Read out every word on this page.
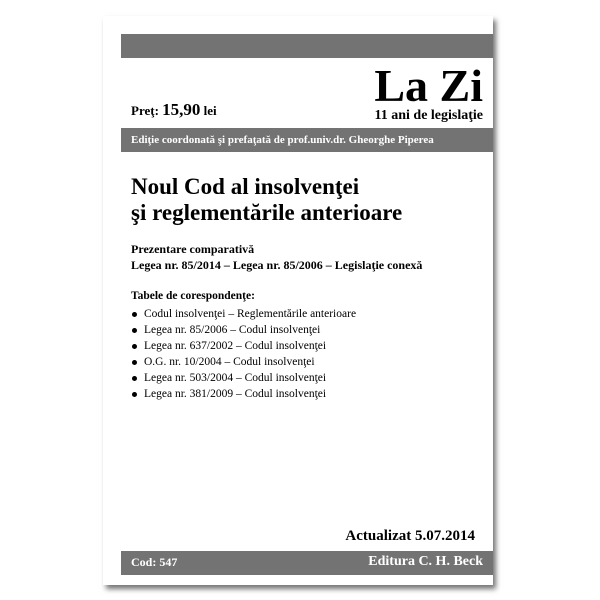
Preţ: 15,90 lei	La Zi
11 ani de legislaţie
Ediţie coordonată şi prefaţată de prof.univ.dr. Gheorghe Piperea
Noul Cod al insolvenţei
şi reglementările anterioare
Prezentare comparativă
Legea nr. 85/2014 – Legea nr. 85/2006 – Legislaţie conexă
Tabele de corespondenţe:
Codul insolvenţei – Reglementările anterioare
Legea nr. 85/2006 – Codul insolvenţei
Legea nr. 637/2002 – Codul insolvenţei
O.G. nr. 10/2004 – Codul insolvenţei
Legea nr. 503/2004 – Codul insolvenţei
Legea nr. 381/2009 – Codul insolvenţei
Actualizat 5.07.2014
Cod: 547	Editura C. H. Beck
